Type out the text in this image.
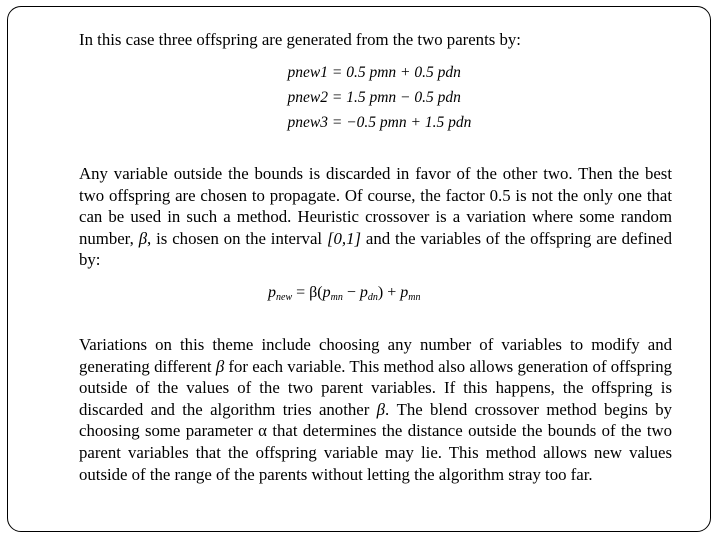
In this case three offspring are generated from the two parents by:

pnew1 = 0.5 pmn + 0.5 pdn
pnew2 = 1.5 pmn − 0.5 pdn
pnew3 = −0.5 pmn + 1.5 pdn

Any variable outside the bounds is discarded in favor of the other two. Then the best two offspring are chosen to propagate. Of course, the factor 0.5 is not the only one that can be used in such a method. Heuristic crossover is a variation where some random number, β, is chosen on the interval [0,1] and the variables of the offspring are defined by:

$p_{new} = \beta(p_{mn} - p_{dn}) + p_{mn}$

Variations on this theme include choosing any number of variables to modify and generating different β for each variable. This method also allows generation of offspring outside of the values of the two parent variables. If this happens, the offspring is discarded and the algorithm tries another β. The blend crossover method begins by choosing some parameter α that determines the distance outside the bounds of the two parent variables that the offspring variable may lie. This method allows new values outside of the range of the parents without letting the algorithm stray too far.
